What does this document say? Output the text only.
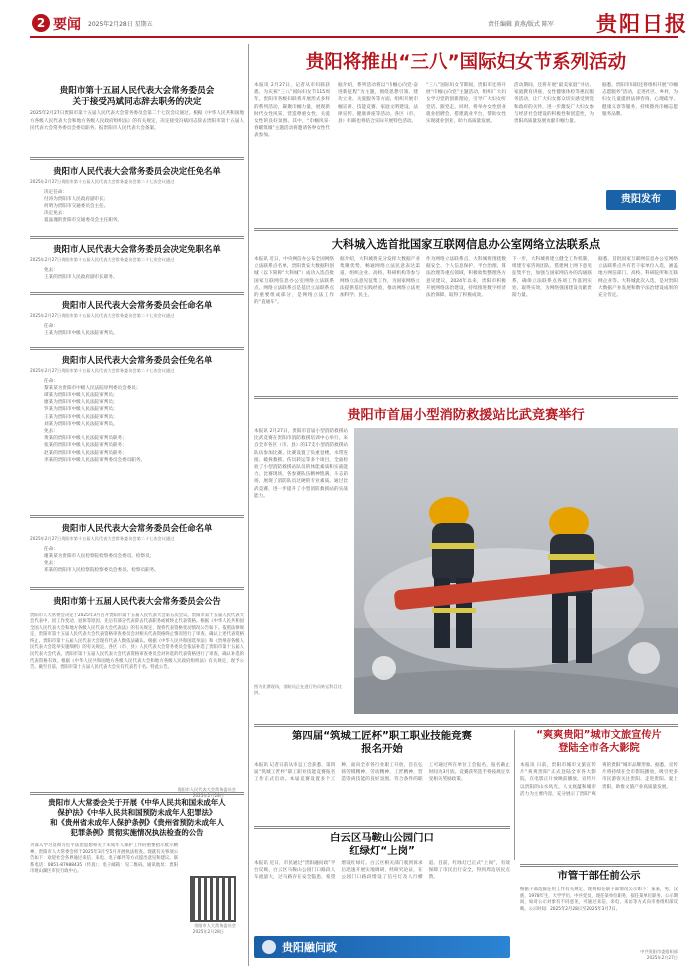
2 要闻 2025年2月28日 星期五	责任编辑 黄燕/版式 陈军 贵阳日报
贵阳市第十五届人民代表大会常务委员会
关于接受冯斌同志辞去职务的决定
2025年2月27日贵阳市第十五届人民代表大会常务委员会第二十七次会议通过。根据《中华人民共和国地方各级人民代表大会和地方各级人民政府组织法》的有关规定，决定接受冯斌同志辞去贵阳市第十五届人民代表大会常务委员会委员职务，报贵阳市人民代表大会备案。
贵阳市人民代表大会常务委员会决定任免名单
2025年2月27日贵阳市第十五届人民代表大会常务委员会第二十七次会议通过
决定任命：
付涛为贵阳市人民政府副市长；
何明为贵阳市交通委员会主任。
决定免去：
夏晶瑰的贵阳市交通委员会主任职务。
贵阳市人民代表大会常务委员会决定免职名单
2025年2月27日贵阳市第十五届人民代表大会常务委员会第二十七次会议通过
免去：
王某的贵阳市人民政府副市长职务。
贵阳市人民代表大会常务委员会任命名单
2025年2月27日贵阳市第十五届人民代表大会常务委员会第二十七次会议通过
任命：
王某为贵阳市中级人民法院审判员。
贵阳市人民代表大会常务委员会任免名单
2025年2月27日贵阳市第十五届人民代表大会常务委员会第二十七次会议通过
任命：
黎某某为贵阳市中级人民法院审判委员会委员；
谭某为贵阳市中级人民法院审判员；
廖某为贵阳市中级人民法院审判员；
罗某为贵阳市中级人民法院审判员；
王某为贵阳市中级人民法院审判员；
刘某为贵阳市中级人民法院审判员。
免去：
黄某的贵阳市中级人民法院审判员职务；
张某的贵阳市中级人民法院审判员职务；
赵某的贵阳市中级人民法院审判员职务；
李某的贵阳市中级人民法院审判委员会委员职务。
贵阳市人民代表大会常务委员会任命名单
2025年2月27日贵阳市第十五届人民代表大会常务委员会第二十七次会议通过
任命：
谢某某为贵阳市人民检察院检察委员会委员、检察员；
免去：
邓某的贵阳市人民检察院检察委员会委员、检察员职务。
贵阳市第十五届人民代表大会常务委员会公告
贵阳市人大常委会决定于2025年3月召开贵阳市第十五届人民代表大会第五次会议。贵阳市第十五届人民代表大会代表中，因工作变动、退休等原因，先后有部分代表辞去代表职务或被终止代表资格。根据《中华人民共和国全国人民代表大会和地方各级人民代表大会代表法》的有关规定，现将代表资格变动情况公告如下。依照法律规定，贵阳市第十五届人民代表大会代表资格审查委员会对相关代表资格终止情况进行了审查，确认上述代表资格终止。贵阳市第十五届人民代表大会现有代表人数依法确认。根据《中华人民共和国选举法》和《贵州省各级人民代表大会选举实施细则》的有关规定，各区（市、县）人民代表大会常务委员会依法补选了贵阳市第十五届人民代表大会代表。贵阳市第十五届人民代表大会代表资格审查委员会对补选的代表资格进行了审查，确认补选的代表资格有效。根据《中华人民共和国地方各级人民代表大会和地方各级人民政府组织法》有关规定，现予公告。截至目前，贵阳市第十五届人民代表大会实有代表若干名。特此公告。
贵阳市人民代表大会常务委员会
2025年2月28日
贵阳市人大常委会关于开展《中华人民共和国未成年人
保护法》《中华人民共和国预防未成年人犯罪法》
和《贵州省未成年人保护条例》《贵州省预防未成年人
犯罪条例》贯彻实施情况执法检查的公告
为深入学习贯彻习近平法治思想和关于未成年人保护工作的重要指示批示精神，贵阳市人大常委会将于2025年3月至5月开展执法检查。现就有关事项公告如下：欢迎社会各界通过来信、来电、电子邮件等方式提出意见和建议。联系电话：0851-87988435（传真）；电子邮箱：见二维码。通讯地址：贵阳市观山湖区市民行政中心。
贵阳市人大常务委员会
2025年2月28日
贵阳将推出“三八”国际妇女节系列活动
本报讯 2月27日，记者从市妇联获悉，为庆祝“三八”国际妇女节115周年，贵阳市各级妇联将开展形式多样的系列活动，凝聚巾帼力量，展现新时代女性风采，营造尊重女性、关爱女性的良好氛围。其中，“巾帼风采·春暖筑城”主题活动将邀请各界女性代表参加。
据介绍，系列活动将以“巾帼心向党·奋进新征程”为主题，围绕思想引领、建功立业、关爱服务等方面，组织开展巾帼宣讲、技能竞赛、家庭文明建设、法律宣传、健康讲座等活动。各区（市、县）妇联也将结合实际开展特色活动。
“三八”国际妇女节期间，贵阳市还将开展“巾帼心向党”主题活动，组织广大妇女学习党的创新理论，引导广大妇女听党话、跟党走。同时，将举办女性创业就业招聘会，搭建就业平台，帮助女性实现就业创业，助力高质量发展。
活动期间，还将开展“最美家庭”寻访、家庭教育讲座、女性健康体检等惠民服务活动，让广大妇女群众切实感受到党和政府的关怀，进一步激发广大妇女参与经济社会建设的积极性和创造性，为贵阳高质量发展贡献巾帼力量。
据悉，贵阳市妇联还将组织开展“巾帼志愿服务”活动，走进社区、乡村，为妇女儿童提供法律咨询、心理疏导、健康义诊等服务，持续擦亮巾帼志愿服务品牌。
贵阳发布
大科城入选首批国家互联网信息办公室网络立法联系点
本报讯 近日，中央网信办公布全国网络立法联系点名单，贵阳贵安大数据科创城（以下简称“大科城”）成功入选首批国家互联网信息办公室网络立法联系点。网络立法联系点是基层立法联系点的重要组成部分，是网络立法工作的“直通车”。
据介绍，大科城将充分发挥大数据产业集聚优势，畅通网络立法民意表达渠道，组织企业、高校、科研机构等参与网络立法意见征集工作，为国家网络立法提供基层实践经验，推动网络立法更加科学、民主。
作为网络立法联系点，大科城将围绕数据安全、个人信息保护、平台治理、算法治理等重点领域，积极收集整理各方意见建议，2024年以来，贵阳市积极开展网络法治建设，持续推进数字经济法治保障，取得了积极成效。
下一步，大科城将建立健全工作机制，组建专家咨询团队，搭建网上网下意见征集平台，加强与国家网信办的沟通联系，确保立法联系点各项工作落到实处、取得实效，为网络强国建设贡献贵阳力量。
据悉，首批国家互联网信息办公室网络立法联系点共有若干家单位入选，涵盖地方网信部门、高校、科研院所和互联网企业等。大科城此次入选，是对贵阳大数据产业发展和数字法治建设成果的充分肯定。
贵阳市首届小型消防救援站比武竞赛举行
本报讯 2月27日，贵阳市首届小型消防救援站比武竞赛在贵阳市消防救援培训中心举行。来自全市各区（市、县）的17支小型消防救援站队伍参加比赛。比赛设置了负重登楼、水带连接、破拆救援、伤员转运等多个项目，全面检验了小型消防救援站队员的体能素质和实战能力。比赛现场，各参赛队伍精神饱满、斗志昂扬，展现了消防队员过硬的专业素质。通过比武竞赛，进一步提升了小型消防救援站的实战能力。
图为比赛现场，消防员正在进行伤员转运科目比拼。
第四届“筑城工匠杯”职工职业技能竞赛
报名开始
本报讯 记者日前从市总工会获悉，第四届“筑城工匠杯”职工职业技能竞赛报名工作正式启动。本届竞赛设置多个工种，面向全市各行业职工开放，旨在弘扬劳模精神、劳动精神、工匠精神，营造崇尚技能的良好氛围。符合条件的职工可通过所在单位工会报名，报名截止时间为3月底。竞赛获奖选手将按规定享受相关奖励政策。
“爽爽贵阳”城市文旅宣传片
登陆全市各大影院
本报讯 日前，贵阳市城市文旅宣传片“爽爽贵阳”正式登陆全市各大影院，在电影正片放映前播放。宣传片以贵阳的山水风光、人文底蕴和城市活力为主要内容，充分展示了贵阳“爽爽的贵阳”城市品牌形象。据悉，宣传片将持续在全市影院播放，吸引更多市民游客关注贵阳、走进贵阳、爱上贵阳，助推文旅产业高质量发展。
白云区马鞍山公园门口
红绿灯“上岗”
本报讯 近日，市民通过“贵阳融问政”平台反映，白云区马鞍山公园门口路段人车流量大，过马路存在安全隐患，希望增设红绿灯。白云区相关部门收到诉求后迅速开展实地调研，经研究论证，在公园门口路段增设了信号灯及人行横道。目前，红绿灯已正式“上岗”，有效保障了市民出行安全，得到周边居民点赞。
贵阳融问政
市管干部任前公示
根据干部选拔任用工作有关规定，现将拟任职干部情况公示如下：某某，男，汉族，1978年生，大学学历，中共党员，现任某单位职务，拟任某单位职务。公示期间，如对公示对象有不同意见，可通过来信、来电、来访等方式向市委组织部反映。公示时间：2025年2月28日至2025年3月7日。
中共贵阳市委组织部
2025年2月27日
